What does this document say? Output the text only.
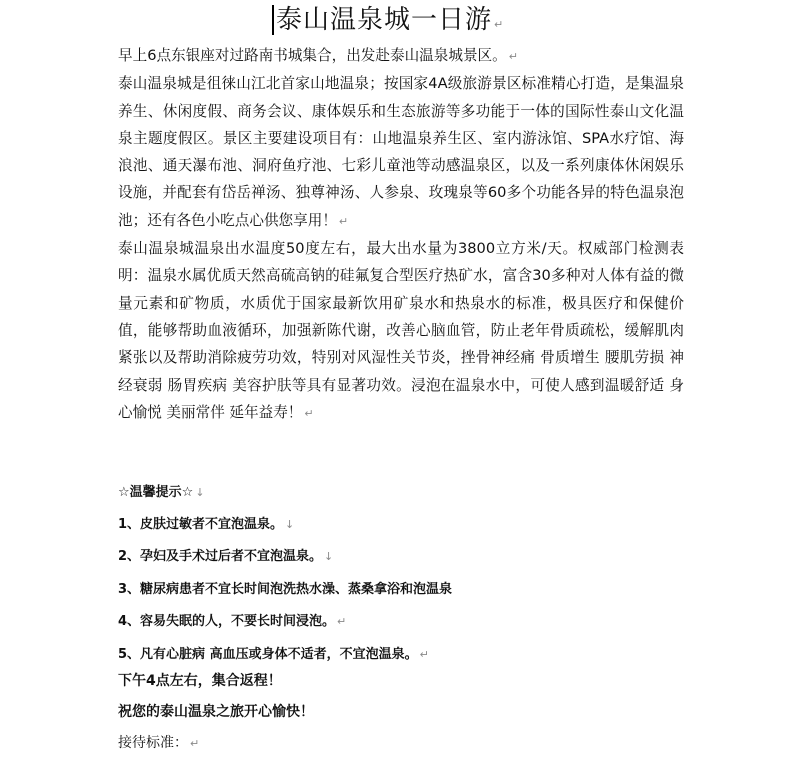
泰山温泉城一日游 ↵

早上6点东银座对过路南书城集合，出发赴泰山温泉城景区。 ↵

泰山温泉城是徂徕山江北首家山地温泉；按国家4A级旅游景区标准精心打造，是集温泉养生、休闲度假、商务会议、康体娱乐和生态旅游等多功能于一体的国际性泰山文化温泉主题度假区。景区主要建设项目有：山地温泉养生区、室内游泳馆、SPA水疗馆、海浪池、通天瀑布池、洞府鱼疗池、七彩儿童池等动感温泉区，以及一系列康体休闲娱乐设施，并配套有岱岳禅汤、独尊神汤、人参泉、玫瑰泉等60多个功能各异的特色温泉泡池；还有各色小吃点心供您享用！ ↵

泰山温泉城温泉出水温度50度左右，最大出水量为3800立方米/天。权威部门检测表明：温泉水属优质天然高硫高钠的硅氟复合型医疗热矿水，富含30多种对人体有益的微量元素和矿物质，水质优于国家最新饮用矿泉水和热泉水的标准，极具医疗和保健价值，能够帮助血液循环，加强新陈代谢，改善心脑血管，防止老年骨质疏松，缓解肌肉紧张以及帮助消除疲劳功效，特别对风湿性关节炎，挫骨神经痛 骨质增生 腰肌劳损 神经衰弱 肠胃疾病 美容护肤等具有显著功效。浸泡在温泉水中，可使人感到温暖舒适 身心愉悦 美丽常伴 延年益寿！ ↵

☆温馨提示☆ ↓
1、皮肤过敏者不宜泡温泉。 ↓
2、孕妇及手术过后者不宜泡温泉。 ↓
3、糖尿病患者不宜长时间泡洗热水澡、蒸桑拿浴和泡温泉
4、容易失眠的人，不要长时间浸泡。 ↵
5、凡有心脏病 高血压或身体不适者，不宜泡温泉。 ↵
下午4点左右，集合返程！
祝您的泰山温泉之旅开心愉快！
接待标准： ↵
